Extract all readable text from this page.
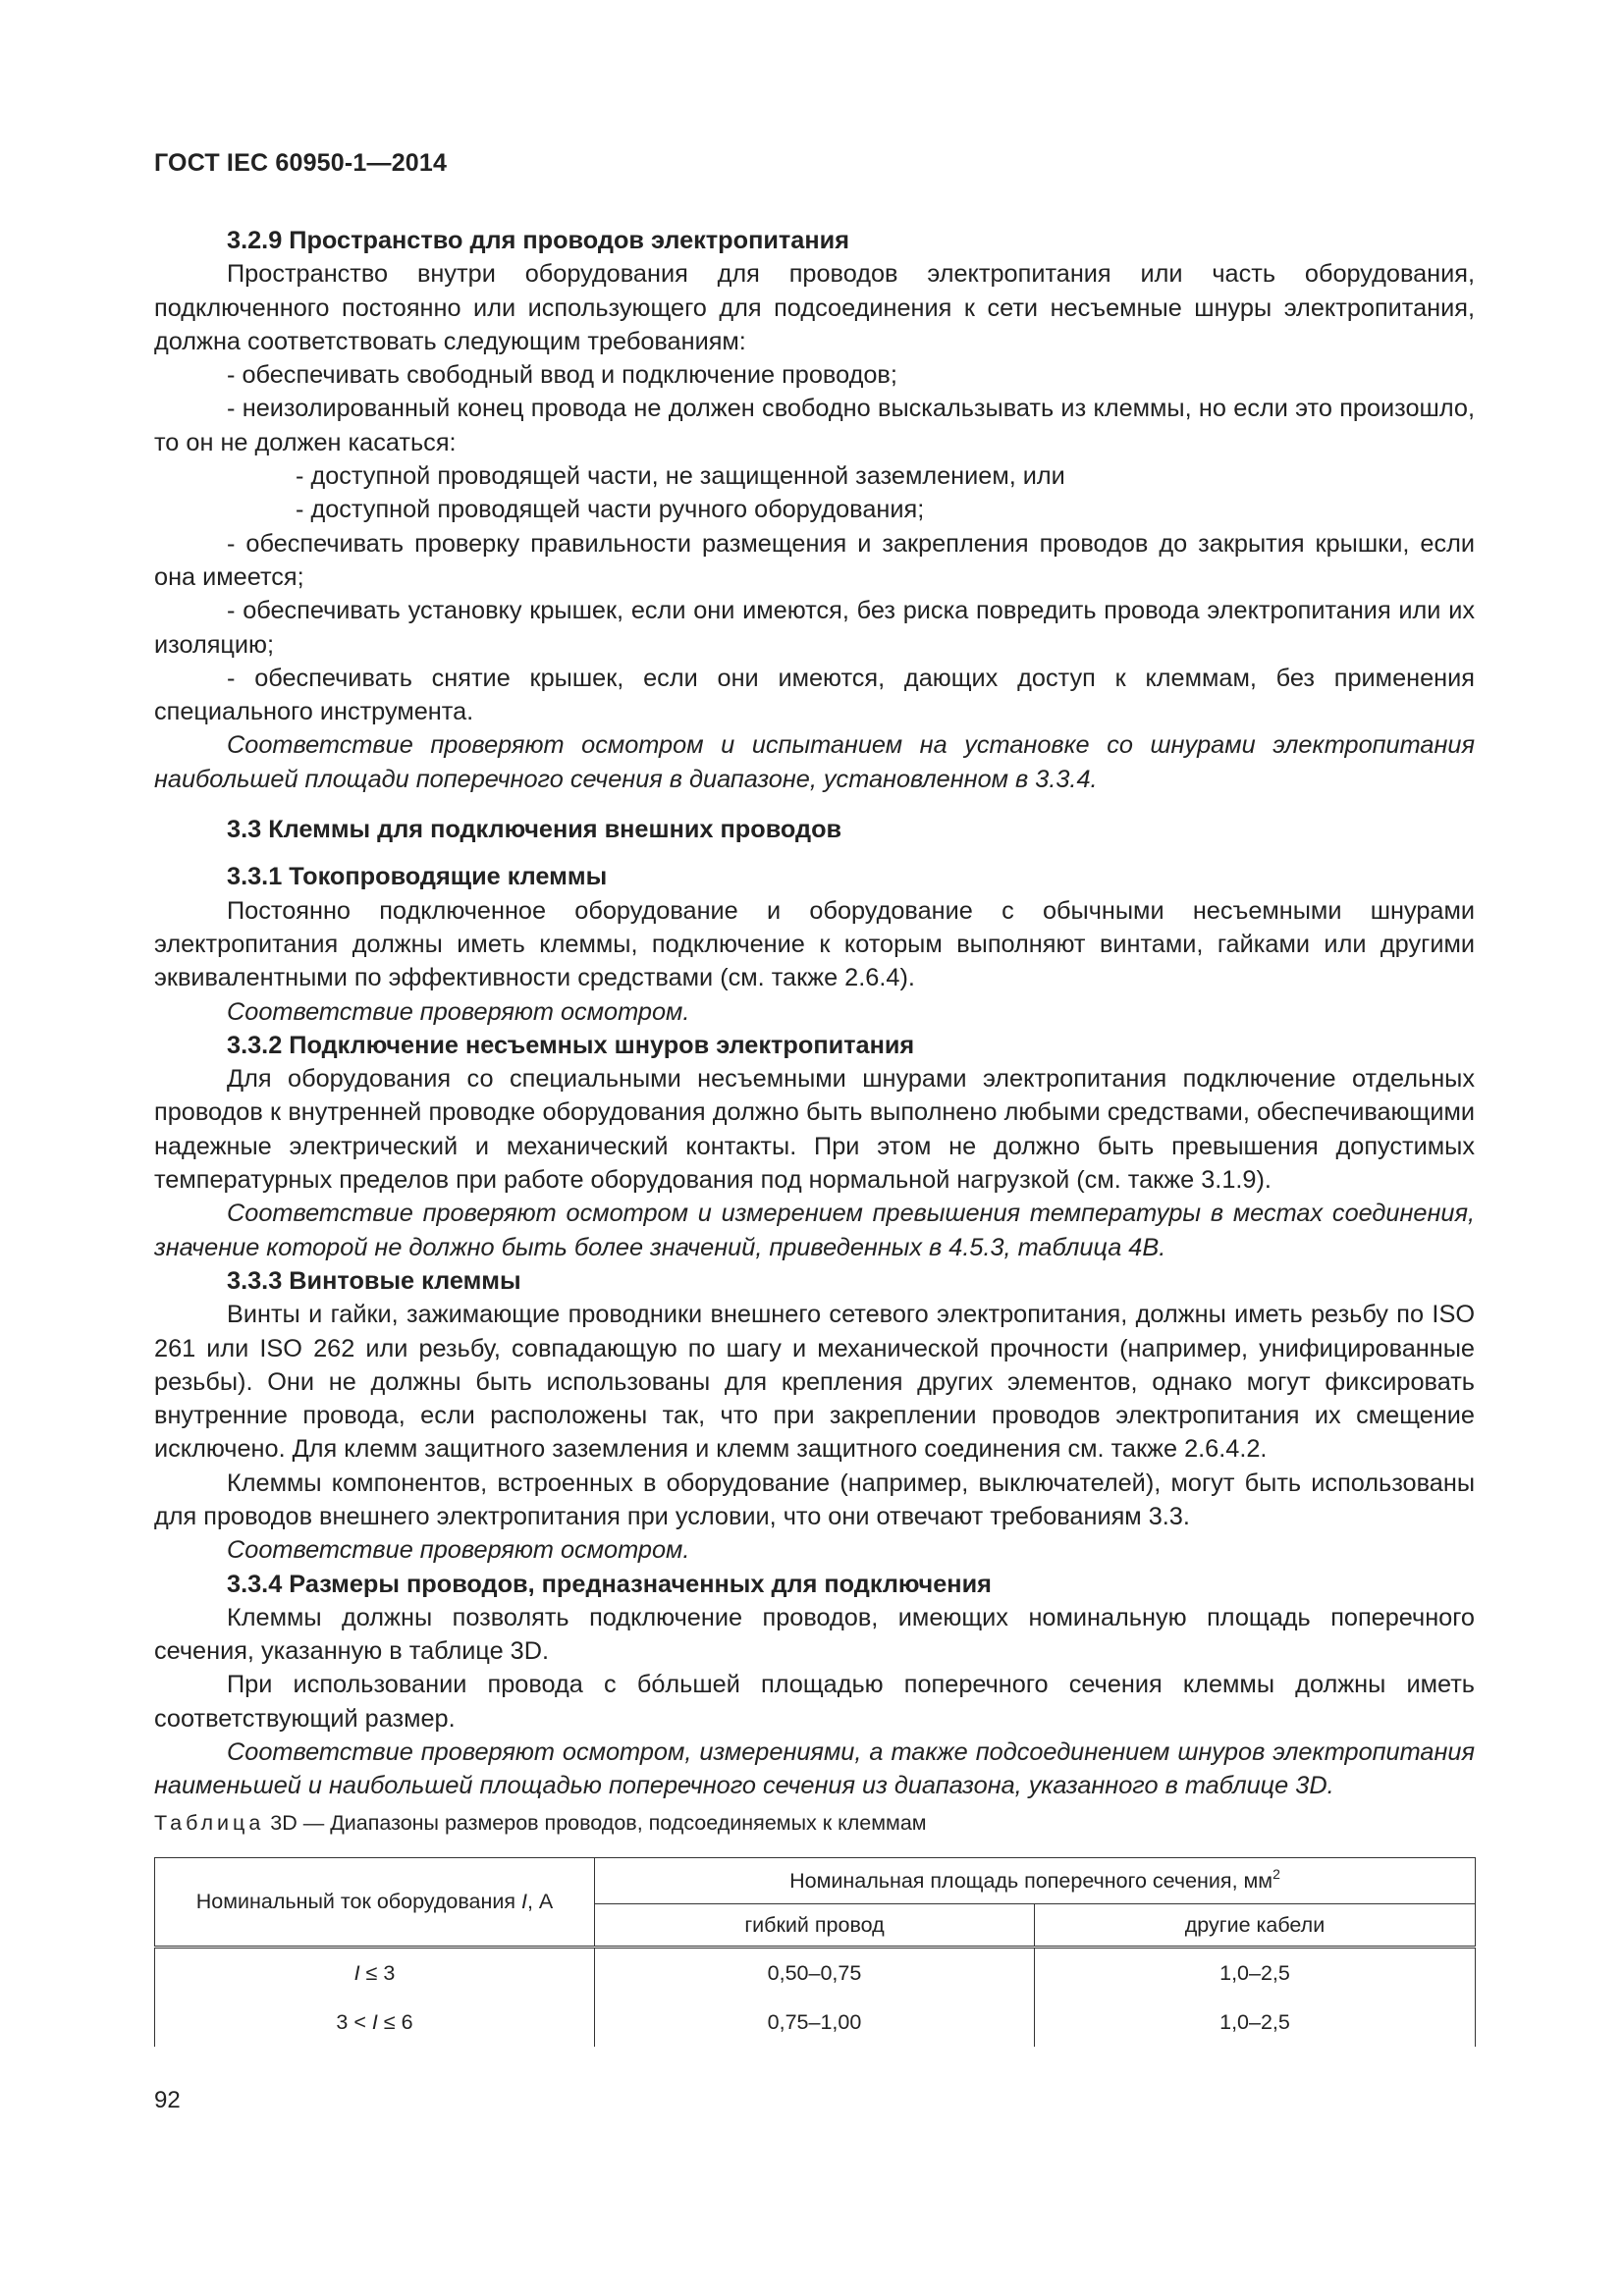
ГОСТ IEC 60950-1—2014

3.2.9 Пространство для проводов электропитания

Пространство внутри оборудования для проводов электропитания или часть оборудования, подключенного постоянно или использующего для подсоединения к сети несъемные шнуры электропитания, должна соответствовать следующим требованиям:

- обеспечивать свободный ввод и подключение проводов;

- неизолированный конец провода не должен свободно выскальзывать из клеммы, но если это произошло, то он не должен касаться:

- доступной проводящей части, не защищенной заземлением, или

- доступной проводящей части ручного оборудования;

- обеспечивать проверку правильности размещения и закрепления проводов до закрытия крышки, если она имеется;

- обеспечивать установку крышек, если они имеются, без риска повредить провода электропитания или их изоляцию;

- обеспечивать снятие крышек, если они имеются, дающих доступ к клеммам, без применения специального инструмента.

Соответствие проверяют осмотром и испытанием на установке со шнурами электропитания наибольшей площади поперечного сечения в диапазоне, установленном в 3.3.4.

3.3 Клеммы для подключения внешних проводов

3.3.1 Токопроводящие клеммы

Постоянно подключенное оборудование и оборудование с обычными несъемными шнурами электропитания должны иметь клеммы, подключение к которым выполняют винтами, гайками или другими эквивалентными по эффективности средствами (см. также 2.6.4).

Соответствие проверяют осмотром.

3.3.2 Подключение несъемных шнуров электропитания

Для оборудования со специальными несъемными шнурами электропитания подключение отдельных проводов к внутренней проводке оборудования должно быть выполнено любыми средствами, обеспечивающими надежные электрический и механический контакты. При этом не должно быть превышения допустимых температурных пределов при работе оборудования под нормальной нагрузкой (см. также 3.1.9).

Соответствие проверяют осмотром и измерением превышения температуры в местах соединения, значение которой не должно быть более значений, приведенных в 4.5.3, таблица 4В.

3.3.3 Винтовые клеммы

Винты и гайки, зажимающие проводники внешнего сетевого электропитания, должны иметь резьбу по ISO 261 или ISO 262 или резьбу, совпадающую по шагу и механической прочности (например, унифицированные резьбы). Они не должны быть использованы для крепления других элементов, однако могут фиксировать внутренние провода, если расположены так, что при закреплении проводов электропитания их смещение исключено. Для клемм защитного заземления и клемм защитного соединения см. также 2.6.4.2.

Клеммы компонентов, встроенных в оборудование (например, выключателей), могут быть использованы для проводов внешнего электропитания при условии, что они отвечают требованиям 3.3.

Соответствие проверяют осмотром.

3.3.4 Размеры проводов, предназначенных для подключения

Клеммы должны позволять подключение проводов, имеющих номинальную площадь поперечного сечения, указанную в таблице 3D.

При использовании провода с бóльшей площадью поперечного сечения клеммы должны иметь соответствующий размер.

Соответствие проверяют осмотром, измерениями, а также подсоединением шнуров электропитания наименьшей и наибольшей площадью поперечного сечения из диапазона, указанного в таблице 3D.

Таблица 3D — Диапазоны размеров проводов, подсоединяемых к клеммам
Номинальный ток оборудования I, А	Номинальная площадь поперечного сечения, $мм^2$
	гибкий провод	другие кабели
I ≤ 3	0,50–0,75	1,0–2,5
3 < I ≤ 6	0,75–1,00	1,0–2,5
92
